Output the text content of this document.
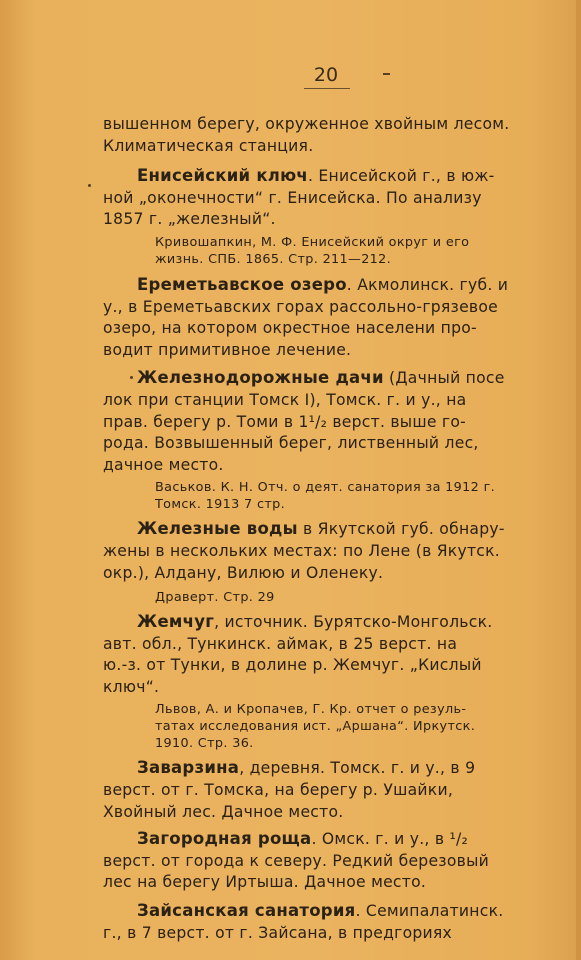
20

вышенном берегу, окруженное хвойным лесом.

Климатическая станция.

Енисейский ключ. Енисейской г., в юж-

ной „оконечности“ г. Енисейска. По анализу

1857 г. „железный“.

Кривошапкин, М. Ф. Енисейский округ и его

жизнь. СПБ. 1865. Стр. 211—212.

Ереметьавское озеро. Акмолинск. губ. и

у., в Ереметьавских горах рассольно-грязевое

озеро, на котором окрестное населени про-

водит примитивное лечение.

Железнодорожные дачи (Дачный посе

лок при станции Томск I), Томск. г. и у., на

прав. берегу р. Томи в 1¹/₂ верст. выше го-

рода. Возвышенный берег, лиственный лес,

дачное место.

Васьков. К. Н. Отч. о деят. санатория за 1912 г.

Томск. 1913 7 стр.

Железные воды в Якутской губ. обнару-

жены в нескольких местах: по Лене (в Якутск.

окр.), Алдану, Вилюю и Оленеку.

Драверт. Стр. 29

Жемчуг, источник. Бурятско-Монгольск.

авт. обл., Тункинск. аймак, в 25 верст. на

ю.-з. от Тунки, в долине р. Жемчуг. „Кислый

ключ“.

Львов, А. и Кропачев, Г. Кр. отчет о резуль-

татах исследования ист. „Аршана“. Иркутск.

1910. Стр. 36.

Заварзина, деревня. Томск. г. и у., в 9

верст. от г. Томска, на берегу р. Ушайки,

Хвойный лес. Дачное место.

Загородная роща. Омск. г. и у., в ¹/₂

верст. от города к северу. Редкий березовый

лес на берегу Иртыша. Дачное место.

Зайсанская санатория. Семипалатинск.

г., в 7 верст. от г. Зайсана, в предгориях
